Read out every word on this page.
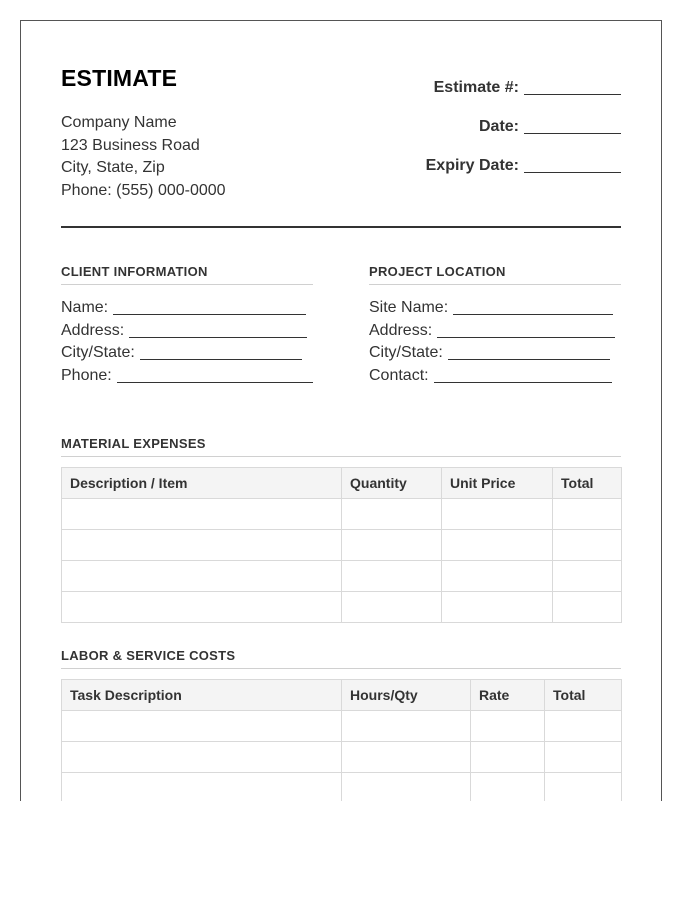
ESTIMATE
Company Name
123 Business Road
City, State, Zip
Phone: (555) 000-0000
Estimate #:
Date:
Expiry Date:
CLIENT INFORMATION
Name:
Address:
City/State:
Phone:
PROJECT LOCATION
Site Name:
Address:
City/State:
Contact:
MATERIAL EXPENSES
Description / Item	Quantity	Unit Price	Total

LABOR & SERVICE COSTS
Task Description	Hours/Qty	Rate	Total
